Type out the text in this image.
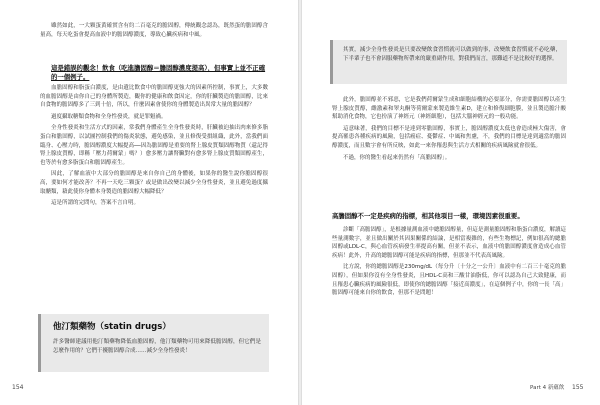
雖然如此，一大顆蛋黃確實含有約二百毫克的膽固醇，傳統觀念認為，既然蛋的膽固醇含量高，每天吃蛋會提高血液中的膽固醇濃度，導致心臟疾病和中風。

這是錯誤的觀念！飲食（吃進膽固醇＝膽固醇濃度提高），但事實上並不正確的一個例子。

血膽固醇和脂蛋白濃度，是由遺比飲食中的膽固醇更強大的因素所控制，事實上，大多數的血膽固醇是由你自己的身體所製造，觀你的健康和飲食因定，你的肝臟製造的膽固醇，比來自食物的膽固醇多了三到十倍，所以，什麼因素會使你的身體製造出異常大量的膽固醇？

過度攝取糖類食物和全身性發炎，就是罪魁禍。

全身性發炎和生活方式的因素，常我們身體產生全身性發炎時，肝臟被迫抽出肉來修多脂蛋白和膽固醇，以試圖控制我們的傷炎狀態，避免感染，並且修復受損組織，此外，當我們面臨身、心壓力時，膽固醇濃度大幅提高──因為膽固醇是重要的腎上腺皮質類固醇物質（還記得腎上腺皮質醇，即稱「壓力荷爾蒙」嗎？）愈多壓力讓腎臟對有愈多腎上腺皮質類固醇產生，也等於有愈多脂蛋白和膽固醇產生。

因此，了解血液中大部分的膽固醇是來自你自己的身體後，如果你的醫生說你膽固醇很高，要如何才能改善？不再一天吃三顆蛋？或是做出改變以減少全身性發炎，並且避免過度攝取醣類，藉此使你身體本身製造的膽固醇大幅降低？

這是所謂的完問句，答案不言自明。

他汀類藥物（statin drugs）
許多醫師建議用他汀類藥物降低血膽固醇，他汀類藥物可用來降低膽固醇，但它們是怎麼作用的？它們干擾膽固醇合成……減少全身性發炎！
154
其實，減少全身性發炎是只要改變飲食習慣就可以做到的事，改變飲食習慣就不必吃藥，下半輩子也不會因服藥物所帶來的嚴重副作用，對我們而言，那難道不是比較好的選擇。

此外，膽固醇並不邪惡，它是我們荷爾蒙生成和細胞結構的必要部分，你需要膽固醇以產生腎上腺皮質醇，雌激素和睪丸酮等荷爾蒙來製造維生素D，建立和修復細胞膜，並且製造膽汁酸幫助消化食物，它也扮演了神經元（神經細胞），包括大腦神經元的一般功能。

這意味著，我們的目標不是達到零膽固醇，事實上，膽固醇濃度太低也會造成極大傷害，會提高罹患各種疾病的風險，包括癌症、憂鬱症、中風和焦慮，不，我們的目標是達到適當的膽固醇濃度，而且數字會有所反映，如此一來你罹患與生活方式相關的疾病風險就會很低。

不過，你的醫生看起來仍然有「高膽固醇」。

高膽固醇不一定是疾病的指標，相其他項目一樣，環境因素很重要。

診斷「高膽固醇」，是根據量測血液中總膽固醇量，但這是測量膽固醇和脂蛋白濃度，解讀這些量測數字，並且做出關於其因果關係的結論，是相當複雜的，有些生物標記，例如很高的總膽固醇或LDL-C，與心血管疾病發生率提高有關，但並不表示，血液中的膽固醇濃度會造成心血管疾病！此外，升高的總膽固醇可能是疾病的指標，但那並不代表高風險。

比方說，你的總膽固醇是230mg/dL（每分升〔十分之一公升〕血液中有二百三十毫克的膽固醇），但如果你沒有全身性發炎，且HDL-C高和三酸甘油脂低，你可以認為自己大致健康，而且罹患心臟疾病的風險很低，即使你的總膽固醇「接近高濃度」，在這個例子中，你的一長「高」膽固醇可能來自你的飲食，但那不是問題！

Part 4 新蘊飲 155
